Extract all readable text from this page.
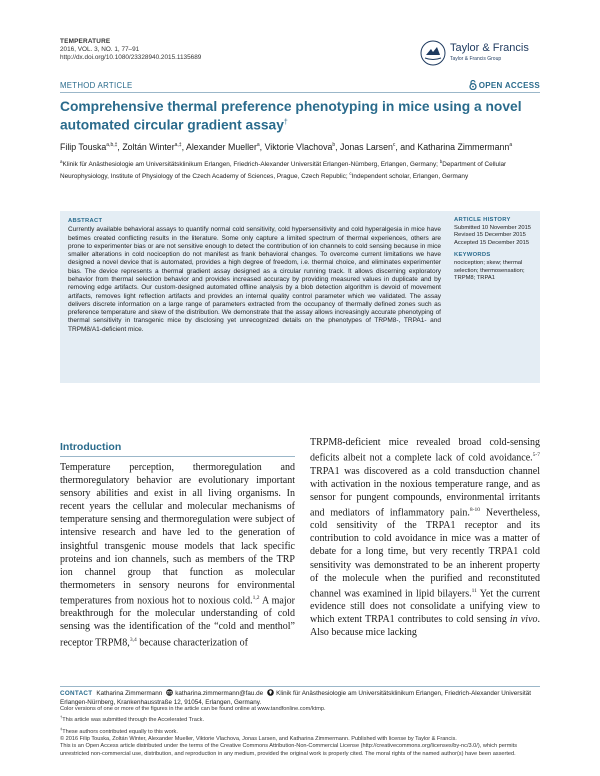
TEMPERATURE
2016, VOL. 3, NO. 1, 77–91
http://dx.doi.org/10.1080/23328940.2015.1135689
Taylor & Francis
Taylor & Francis Group
METHOD ARTICLE	OPEN ACCESS
Comprehensive thermal preference phenotyping in mice using a novel automated circular gradient assay†
Filip Touska$^{a,b,\ddagger}$, Zoltán Winter$^{a,\ddagger}$, Alexander Mueller$^a$, Viktorie Vlachova$^b$, Jonas Larsen$^c$, and Katharina Zimmermann$^a$
$^a$Klinik für Anästhesiologie am Universitätsklinikum Erlangen, Friedrich-Alexander Universität Erlangen-Nürnberg, Erlangen, Germany; $^b$Department of Cellular Neurophysiology, Institute of Physiology of the Czech Academy of Sciences, Prague, Czech Republic; $^c$Independent scholar, Erlangen, Germany
ABSTRACT
Currently available behavioral assays to quantify normal cold sensitivity, cold hypersensitivity and cold hyperalgesia in mice have betimes created conflicting results in the literature. Some only capture a limited spectrum of thermal experiences, others are prone to experimenter bias or are not sensitive enough to detect the contribution of ion channels to cold sensing because in mice smaller alterations in cold nociception do not manifest as frank behavioral changes. To overcome current limitations we have designed a novel device that is automated, provides a high degree of freedom, i.e. thermal choice, and eliminates experimenter bias. The device represents a thermal gradient assay designed as a circular running track. It allows discerning exploratory behavior from thermal selection behavior and provides increased accuracy by providing measured values in duplicate and by removing edge artifacts. Our custom-designed automated offline analysis by a blob detection algorithm is devoid of movement artifacts, removes light reflection artifacts and provides an internal quality control parameter which we validated. The assay delivers discrete information on a large range of parameters extracted from the occupancy of thermally defined zones such as preference temperature and skew of the distribution. We demonstrate that the assay allows increasingly accurate phenotyping of thermal sensitivity in transgenic mice by disclosing yet unrecognized details on the phenotypes of TRPM8-, TRPA1- and TRPM8/A1-deficient mice.
ARTICLE HISTORY
Submitted 10 November 2015
Revised 15 December 2015
Accepted 15 December 2015
KEYWORDS
nociception; skew; thermal selection; thermosensation; TRPM8; TRPA1
Introduction
Temperature perception, thermoregulation and thermoregulatory behavior are evolutionary important sensory abilities and exist in all living organisms. In recent years the cellular and molecular mechanisms of temperature sensing and thermoregulation were subject of intensive research and have led to the generation of insightful transgenic mouse models that lack specific proteins and ion channels, such as members of the TRP ion channel group that function as molecular thermometers in sensory neurons for environmental temperatures from noxious hot to noxious cold.$^{1,2}$ A major breakthrough for the molecular understanding of cold sensing was the identification of the “cold and menthol” receptor TRPM8,$^{3,4}$ because characterization of
TRPM8-deficient mice revealed broad cold-sensing deficits albeit not a complete lack of cold avoidance.$^{5-7}$ TRPA1 was discovered as a cold transduction channel with activation in the noxious temperature range, and as sensor for pungent compounds, environmental irritants and mediators of inflammatory pain.$^{8-10}$ Nevertheless, cold sensitivity of the TRPA1 receptor and its contribution to cold avoidance in mice was a matter of debate for a long time, but very recently TRPA1 cold sensitivity was demonstrated to be an inherent property of the molecule when the purified and reconstituted channel was examined in lipid bilayers.$^{11}$ Yet the current evidence still does not consolidate a unifying view to which extent TRPA1 contributes to cold sensing in vivo. Also because mice lacking
CONTACT Katharina Zimmermann katharina.zimmermann@fau.de Klinik für Anästhesiologie am Universitätsklinikum Erlangen, Friedrich-Alexander Universität Erlangen-Nürnberg, Krankenhausstraße 12, 91054, Erlangen, Germany.
Color versions of one or more of the figures in the article can be found online at www.tandfonline.com/ktmp.
†This article was submitted through the Accelerated Track.
‡These authors contributed equally to this work.
© 2016 Filip Touska, Zoltán Winter, Alexander Mueller, Viktorie Vlachova, Jonas Larsen, and Katharina Zimmermann. Published with license by Taylor & Francis.
This is an Open Access article distributed under the terms of the Creative Commons Attribution-Non-Commercial License (http://creativecommons.org/licenses/by-nc/3.0/), which permits unrestricted non-commercial use, distribution, and reproduction in any medium, provided the original work is properly cited. The moral rights of the named author(s) have been asserted.
